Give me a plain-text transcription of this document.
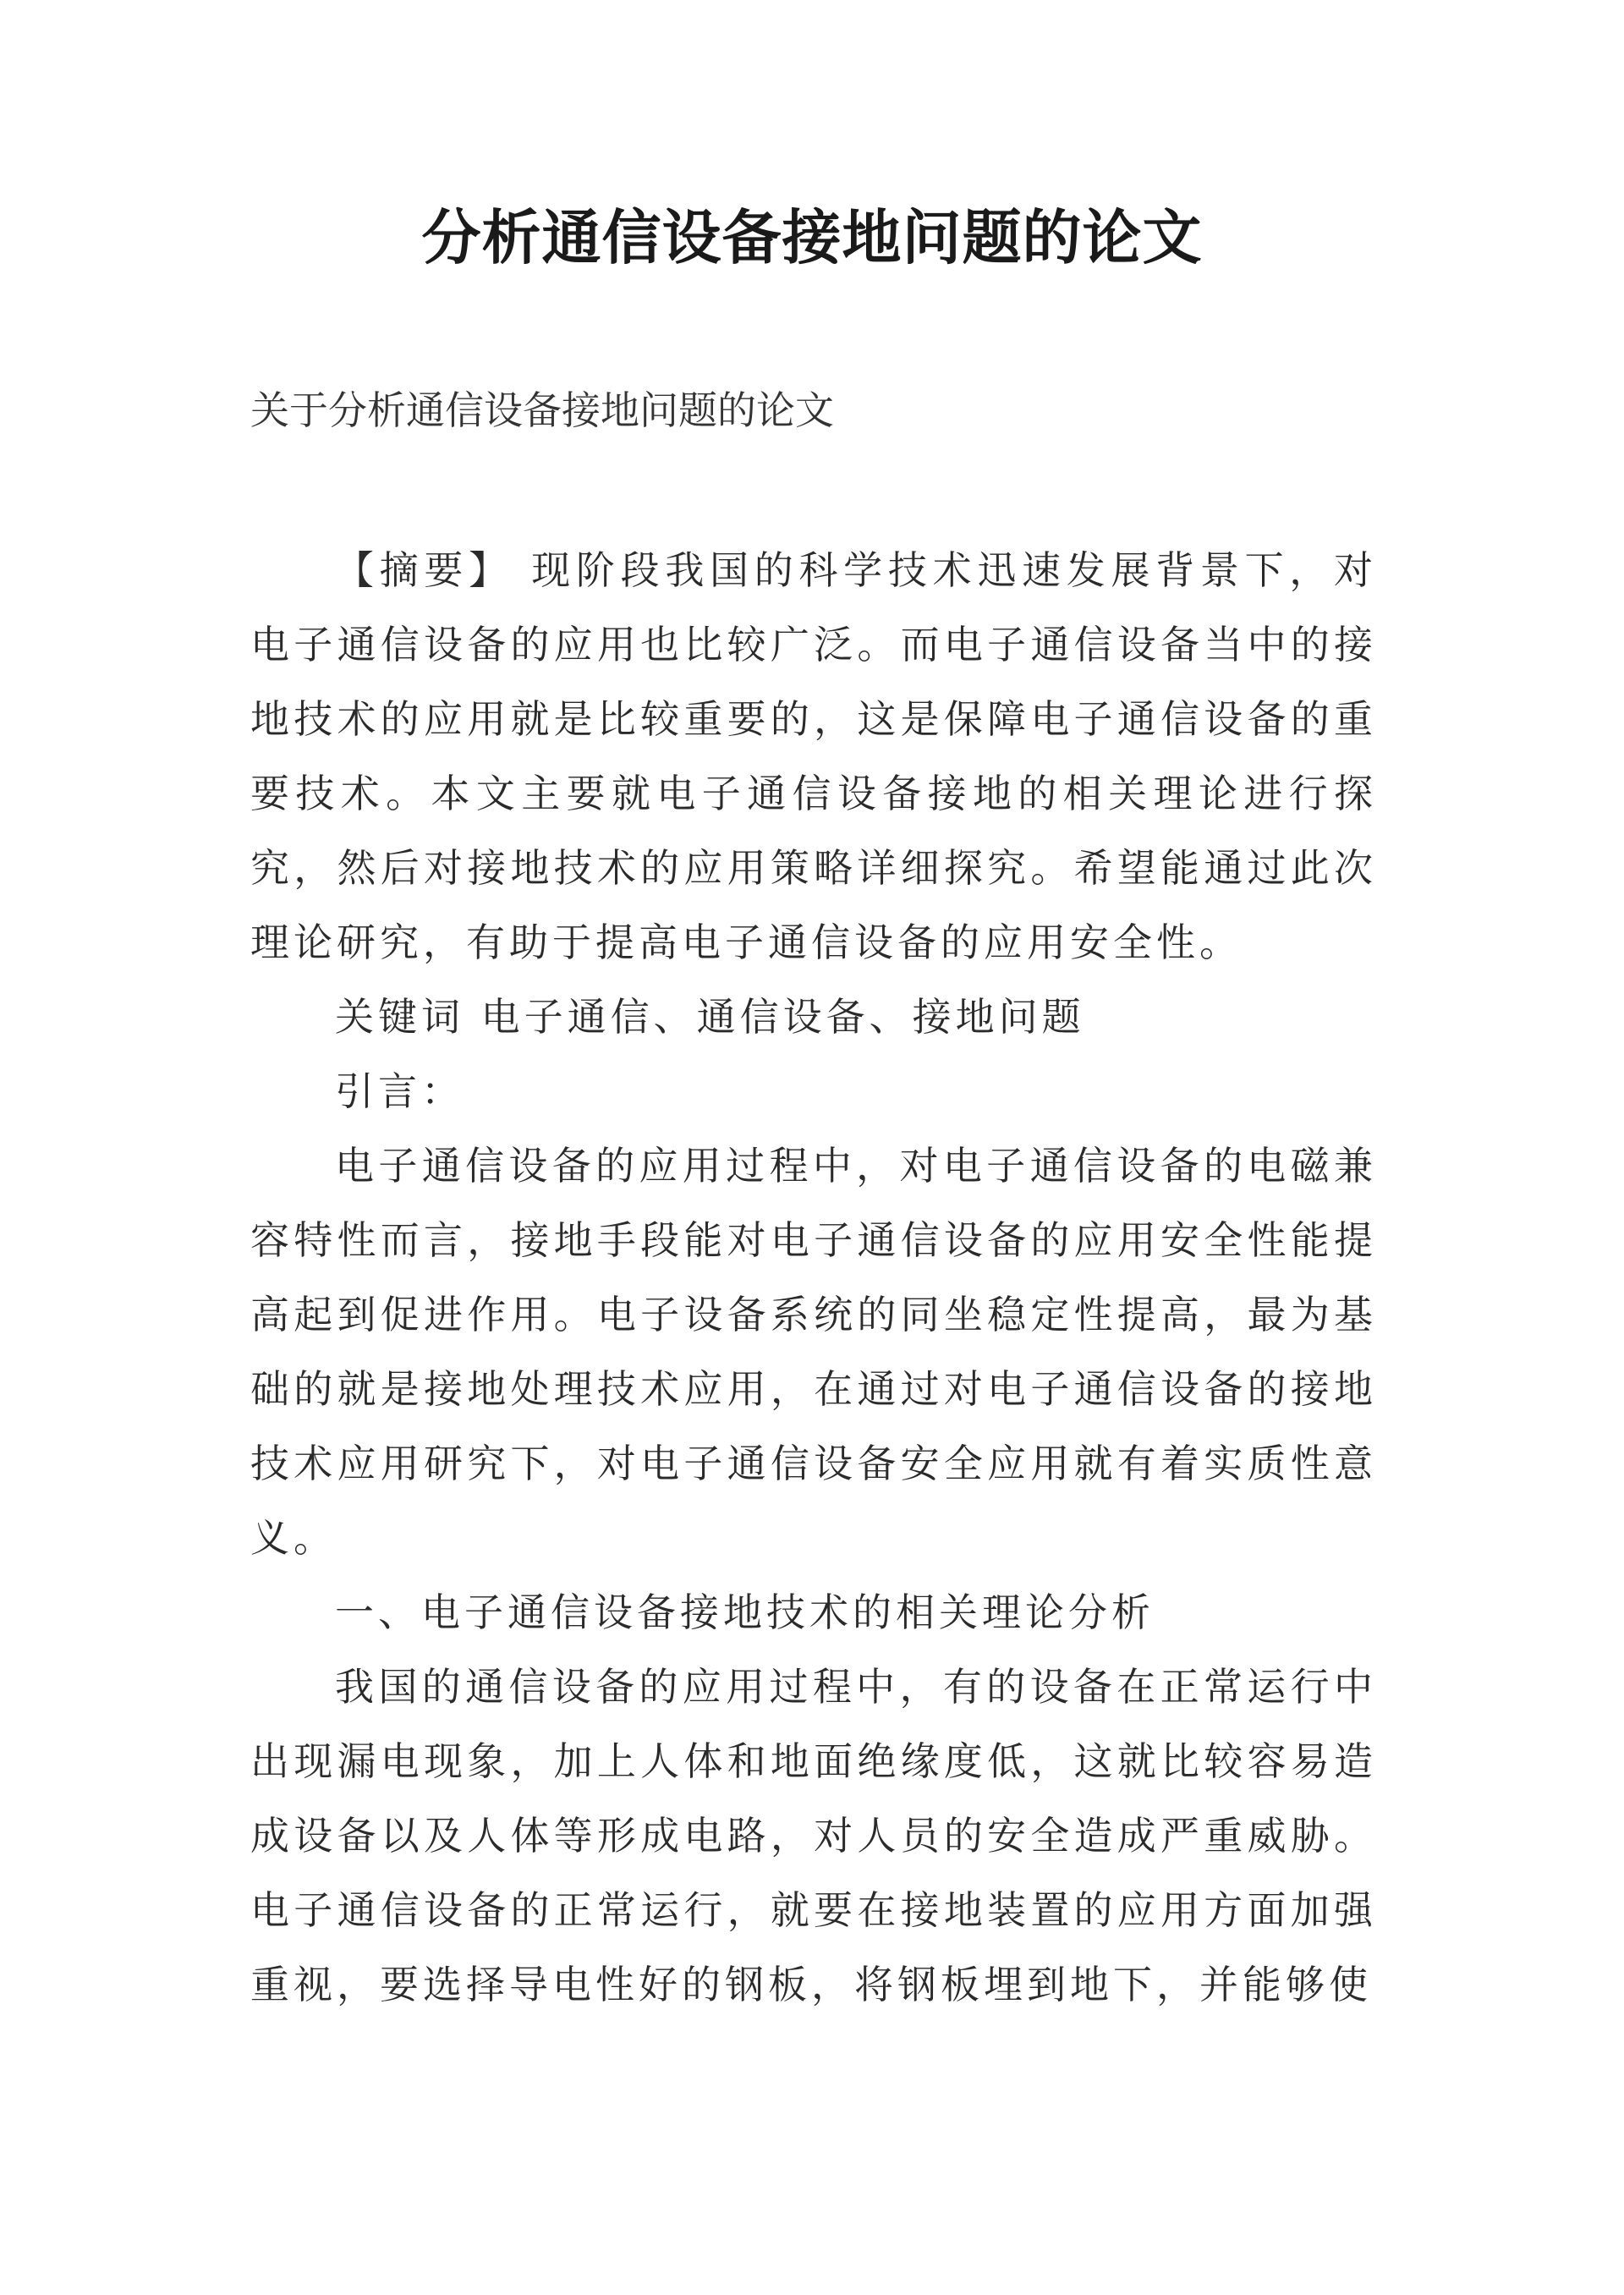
分析通信设备接地问题的论文
关于分析通信设备接地问题的论文

【摘要】 现阶段我国的科学技术迅速发展背景下，对电子通信设备的应用也比较广泛。而电子通信设备当中的接地技术的应用就是比较重要的，这是保障电子通信设备的重要技术。本文主要就电子通信设备接地的相关理论进行探究，然后对接地技术的应用策略详细探究。希望能通过此次理论研究，有助于提高电子通信设备的应用安全性。

关键词 电子通信、通信设备、接地问题

引言：

电子通信设备的应用过程中，对电子通信设备的电磁兼容特性而言，接地手段能对电子通信设备的应用安全性能提高起到促进作用。电子设备系统的同坐稳定性提高，最为基础的就是接地处理技术应用，在通过对电子通信设备的接地技术应用研究下，对电子通信设备安全应用就有着实质性意义。

一、电子通信设备接地技术的相关理论分析

我国的通信设备的应用过程中，有的设备在正常运行中出现漏电现象，加上人体和地面绝缘度低，这就比较容易造成设备以及人体等形成电路，对人员的安全造成严重威胁。电子通信设备的正常运行，就要在接地装置的应用方面加强重视，要选择导电性好的钢板，将钢板埋到地下，并能够使
